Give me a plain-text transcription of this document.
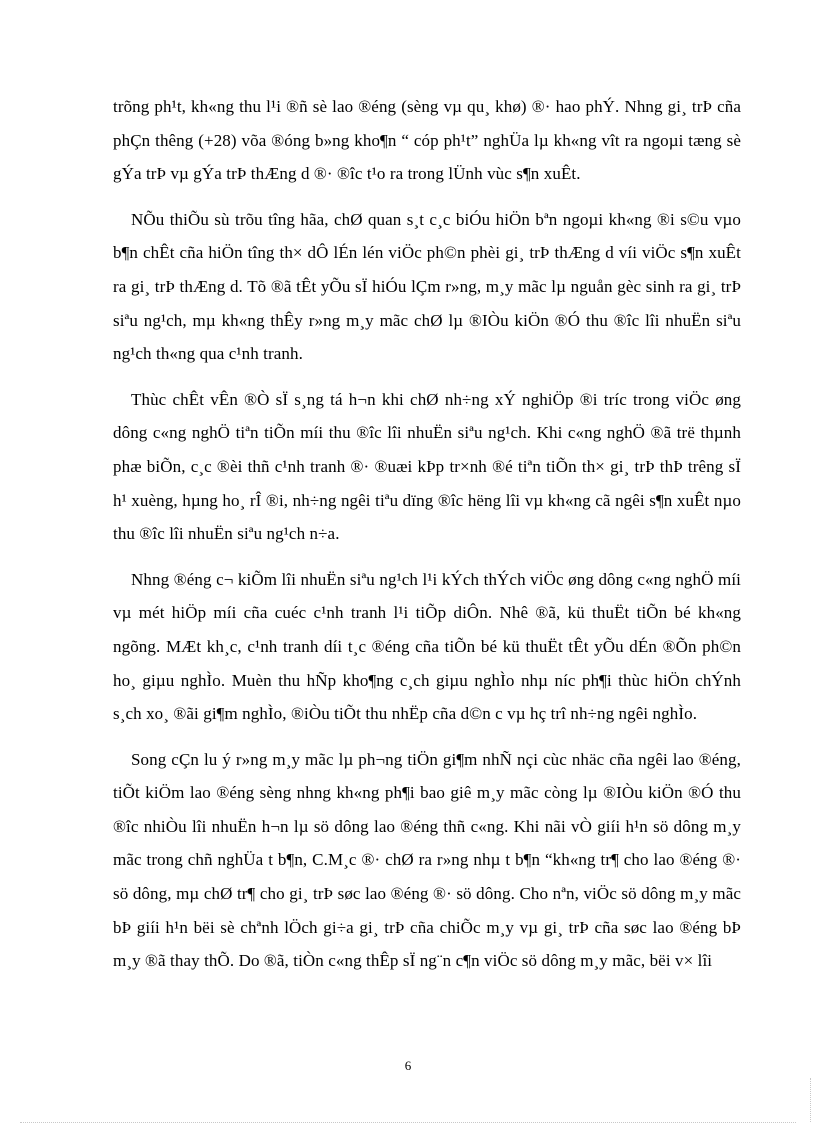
trõng ph¹t, kh«ng thu l¹i ®ñ sè lao ®éng (sèng vµ qu¸ khø) ®· hao phÝ. Nhng gi¸ trÞ cña phÇn thêng (+28) võa ®óng b»ng kho¶n “ cóp ph¹t” nghÜa lµ kh«ng vît ra ngoµi tæng sè gÝa trÞ vµ gÝa trÞ thÆng d ®· ®îc t¹o ra trong lÜnh vùc s¶n xuÊt.

NÕu thiÕu sù trõu tîng hãa, chØ quan s¸t c¸c biÓu hiÖn bªn ngoµi kh«ng ®i s©u vµo b¶n chÊt cña hiÖn tîng th× dÔ lÉn lén viÖc ph©n phèi gi¸ trÞ thÆng d víi viÖc s¶n xuÊt ra gi¸ trÞ thÆng d. Tõ ®ã tÊt yÕu sÏ hiÓu lÇm r»ng, m¸y mãc lµ nguån gèc sinh ra gi¸ trÞ siªu ng¹ch, mµ kh«ng thÊy r»ng m¸y mãc chØ lµ ®IÒu kiÖn ®Ó thu ®îc lîi nhuËn siªu ng¹ch th«ng qua c¹nh tranh.

Thùc chÊt vÊn ®Ò sÏ s¸ng tá h¬n khi chØ nh÷ng xÝ nghiÖp ®i tríc trong viÖc øng dông c«ng nghÖ tiªn tiÕn míi thu ®îc lîi nhuËn siªu ng¹ch. Khi c«ng nghÖ ®ã trë thµnh phæ biÕn, c¸c ®èi thñ c¹nh tranh ®· ®uæi kÞp tr×nh ®é tiªn tiÕn th× gi¸ trÞ thÞ trêng sÏ h¹ xuèng, hµng ho¸ rÎ ®i, nh÷ng ngêi tiªu dïng ®îc hëng lîi vµ kh«ng cã ngêi s¶n xuÊt nµo thu ®îc lîi nhuËn siªu ng¹ch n÷a.

Nhng ®éng c¬ kiÕm lîi nhuËn siªu ng¹ch l¹i kÝch thÝch viÖc øng dông c«ng nghÖ míi vµ mét hiÖp míi cña cuéc c¹nh tranh l¹i tiÕp diÔn. Nhê ®ã, kü thuËt tiÕn bé kh«ng ngõng. MÆt kh¸c, c¹nh tranh díi t¸c ®éng cña tiÕn bé kü thuËt tÊt yÕu dÉn ®Õn ph©n ho¸ giµu nghÌo. Muèn thu hÑp kho¶ng c¸ch giµu nghÌo nhµ níc ph¶i thùc hiÖn chÝnh s¸ch xo¸ ®ãi gi¶m nghÌo, ®iÒu tiÕt thu nhËp cña d©n c vµ hç trî nh÷ng ngêi nghÌo.

Song cÇn lu ý r»ng m¸y mãc lµ ph¬ng tiÖn gi¶m nhÑ nçi cùc nhäc cña ngêi lao ®éng, tiÕt kiÖm lao ®éng sèng nhng kh«ng ph¶i bao giê m¸y mãc còng lµ ®IÒu kiÖn ®Ó thu ®îc nhiÒu lîi nhuËn h¬n lµ sö dông lao ®éng thñ c«ng. Khi nãi vÒ giíi h¹n sö dông m¸y mãc trong chñ nghÜa t b¶n, C.M¸c ®· chØ ra r»ng nhµ t b¶n “kh«ng tr¶ cho lao ®éng ®· sö dông, mµ chØ tr¶ cho gi¸ trÞ søc lao ®éng ®· sö dông. Cho nªn, viÖc sö dông m¸y mãc bÞ giíi h¹n bëi sè chªnh lÖch gi÷a gi¸ trÞ cña chiÕc m¸y vµ gi¸ trÞ cña søc lao ®éng bÞ m¸y ®ã thay thÕ. Do ®ã, tiÒn c«ng thÊp sÏ ng¨n c¶n viÖc sö dông m¸y mãc, bëi v× lîi

6
